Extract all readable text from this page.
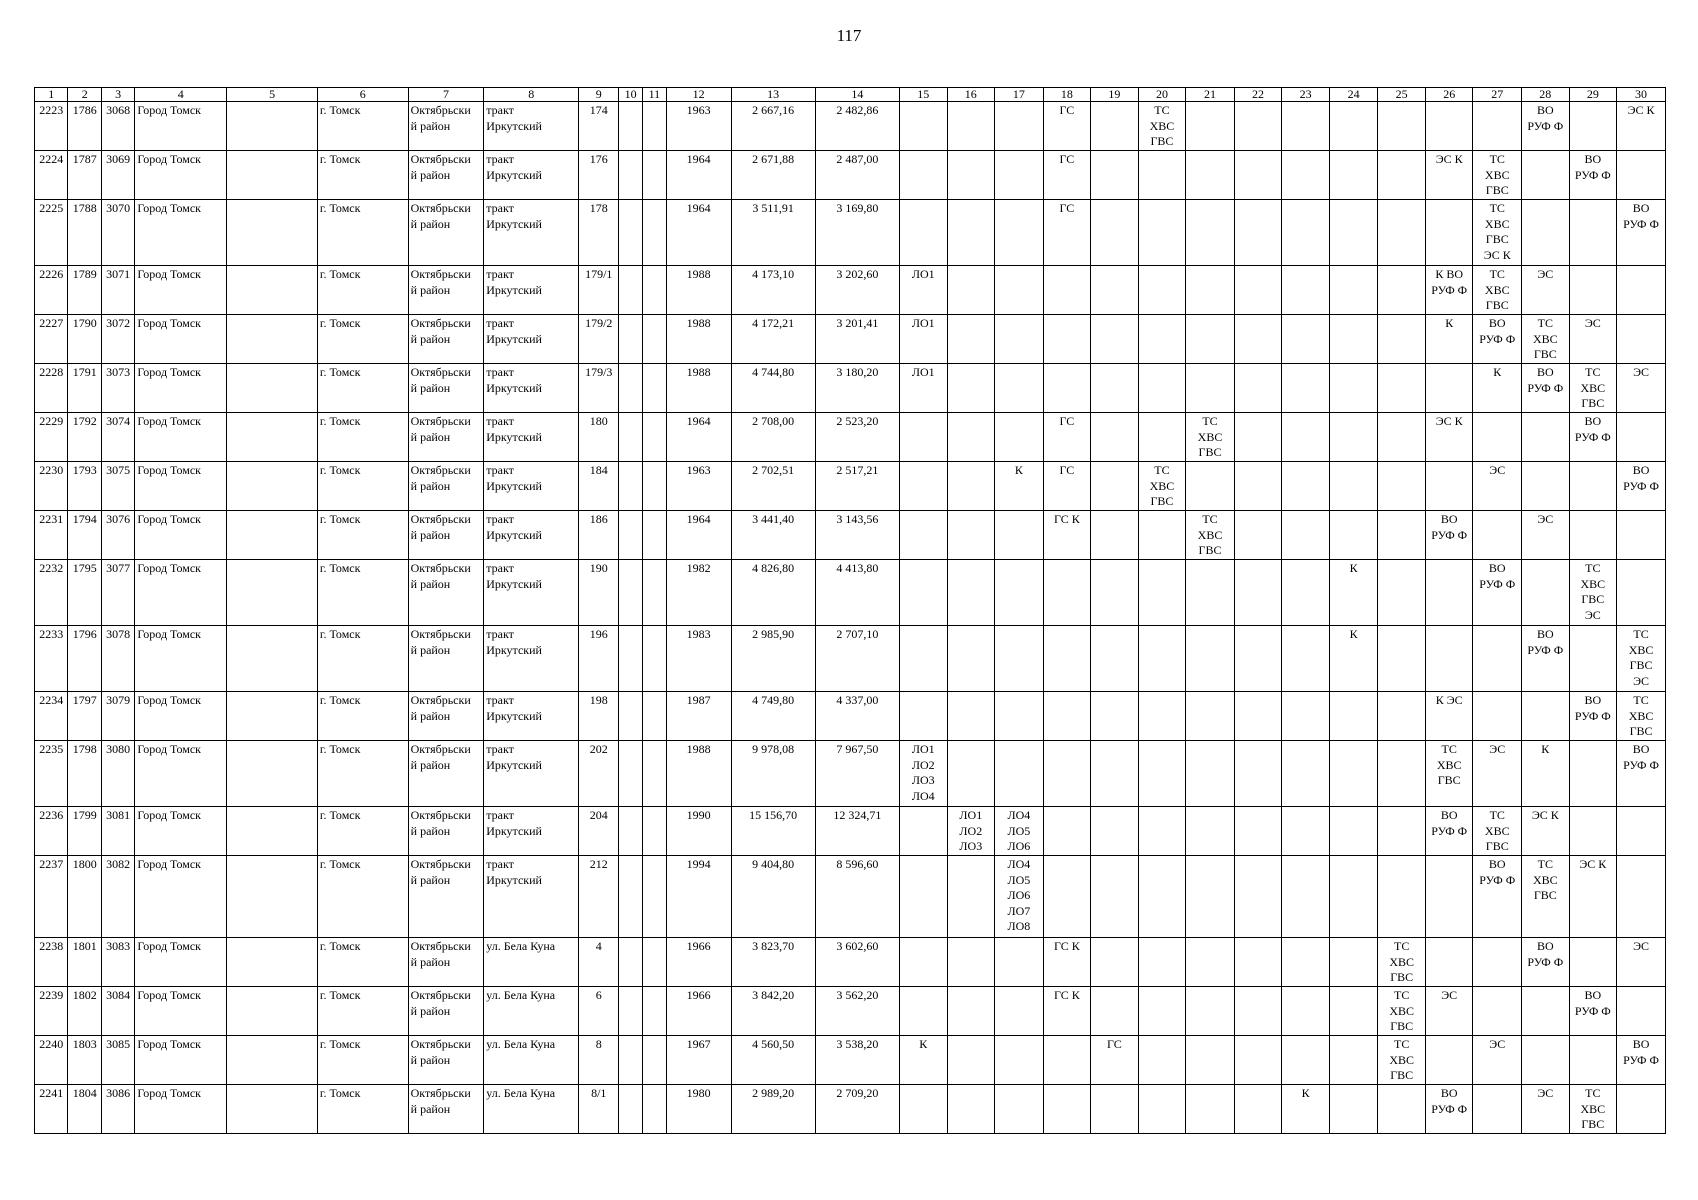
117
1	2	3	4	5	6	7	8	9	10	11	12	13	14	15	16	17	18	19	20	21	22	23	24	25	26	27	28	29	30
2223	1786	3068	Город Томск		г. Томск	Октябрьски
й район	тракт
Иркутский	174			1963	2 667,16	2 482,86				ГС		ТС
ХВС
ГВС								ВО
РУФ Ф		ЭС К
2224	1787	3069	Город Томск		г. Томск	Октябрьски
й район	тракт
Иркутский	176			1964	2 671,88	2 487,00				ГС								ЭС К	ТС
ХВС
ГВС		ВО
РУФ Ф	
2225	1788	3070	Город Томск		г. Томск	Октябрьски
й район	тракт
Иркутский	178			1964	3 511,91	3 169,80				ГС									ТС
ХВС
ГВС
ЭС К			ВО
РУФ Ф
2226	1789	3071	Город Томск		г. Томск	Октябрьски
й район	тракт
Иркутский	179/1			1988	4 173,10	3 202,60	ЛО1											К ВО
РУФ Ф	ТС
ХВС
ГВС	ЭС		
2227	1790	3072	Город Томск		г. Томск	Октябрьски
й район	тракт
Иркутский	179/2			1988	4 172,21	3 201,41	ЛО1											К	ВО
РУФ Ф	ТС
ХВС
ГВС	ЭС	
2228	1791	3073	Город Томск		г. Томск	Октябрьски
й район	тракт
Иркутский	179/3			1988	4 744,80	3 180,20	ЛО1												К	ВО
РУФ Ф	ТС
ХВС
ГВС	ЭС
2229	1792	3074	Город Томск		г. Томск	Октябрьски
й район	тракт
Иркутский	180			1964	2 708,00	2 523,20				ГС			ТС
ХВС
ГВС					ЭС К			ВО
РУФ Ф	
2230	1793	3075	Город Томск		г. Томск	Октябрьски
й район	тракт
Иркутский	184			1963	2 702,51	2 517,21			К	ГС		ТС
ХВС
ГВС							ЭС			ВО
РУФ Ф
2231	1794	3076	Город Томск		г. Томск	Октябрьски
й район	тракт
Иркутский	186			1964	3 441,40	3 143,56				ГС К			ТС
ХВС
ГВС					ВО
РУФ Ф		ЭС		
2232	1795	3077	Город Томск		г. Томск	Октябрьски
й район	тракт
Иркутский	190			1982	4 826,80	4 413,80										К			ВО
РУФ Ф		ТС
ХВС
ГВС
ЭС	
2233	1796	3078	Город Томск		г. Томск	Октябрьски
й район	тракт
Иркутский	196			1983	2 985,90	2 707,10										К				ВО
РУФ Ф		ТС
ХВС
ГВС
ЭС
2234	1797	3079	Город Томск		г. Томск	Октябрьски
й район	тракт
Иркутский	198			1987	4 749,80	4 337,00												К ЭС			ВО
РУФ Ф	ТС
ХВС
ГВС
2235	1798	3080	Город Томск		г. Томск	Октябрьски
й район	тракт
Иркутский	202			1988	9 978,08	7 967,50	ЛО1
ЛО2
ЛО3
ЛО4											ТС
ХВС
ГВС	ЭС	К		ВО
РУФ Ф
2236	1799	3081	Город Томск		г. Томск	Октябрьски
й район	тракт
Иркутский	204			1990	15 156,70	12 324,71		ЛО1
ЛО2
ЛО3	ЛО4
ЛО5
ЛО6									ВО
РУФ Ф	ТС
ХВС
ГВС	ЭС К		
2237	1800	3082	Город Томск		г. Томск	Октябрьски
й район	тракт
Иркутский	212			1994	9 404,80	8 596,60			ЛО4
ЛО5
ЛО6
ЛО7
ЛО8										ВО
РУФ Ф	ТС
ХВС
ГВС	ЭС К	
2238	1801	3083	Город Томск		г. Томск	Октябрьски
й район	ул. Бела Куна	4			1966	3 823,70	3 602,60				ГС К							ТС
ХВС
ГВС			ВО
РУФ Ф		ЭС
2239	1802	3084	Город Томск		г. Томск	Октябрьски
й район	ул. Бела Куна	6			1966	3 842,20	3 562,20				ГС К							ТС
ХВС
ГВС	ЭС			ВО
РУФ Ф	
2240	1803	3085	Город Томск		г. Томск	Октябрьски
й район	ул. Бела Куна	8			1967	4 560,50	3 538,20	К				ГС						ТС
ХВС
ГВС		ЭС			ВО
РУФ Ф
2241	1804	3086	Город Томск		г. Томск	Октябрьски
й район	ул. Бела Куна	8/1			1980	2 989,20	2 709,20									К			ВО
РУФ Ф		ЭС	ТС
ХВС
ГВС	
